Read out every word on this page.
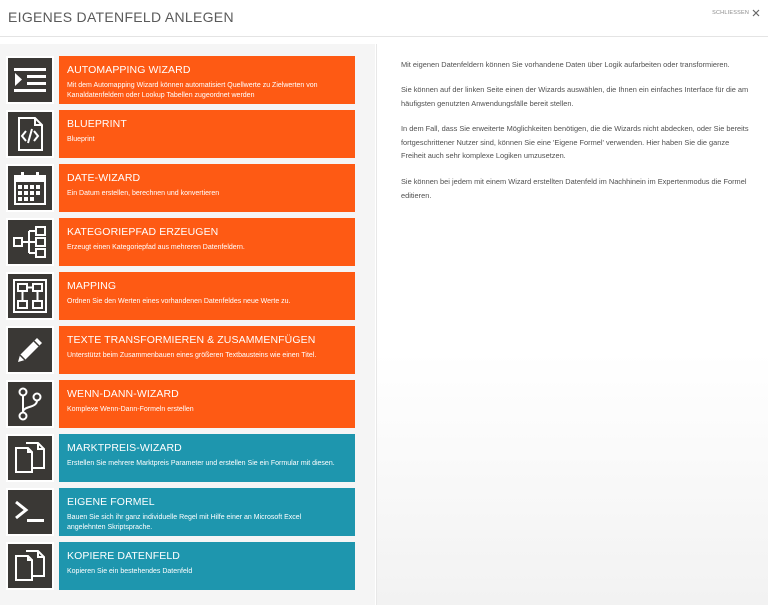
EIGENES DATENFELD ANLEGEN	SCHLIESSEN
AUTOMAPPING WIZARD
Mit dem Automapping Wizard können automatisiert Quellwerte zu Zielwerten von Kanaldatenfeldern oder Lookup Tabellen zugeordnet werden
BLUEPRINT
Blueprint
DATE-WIZARD
Ein Datum erstellen, berechnen und konvertieren
KATEGORIEPFAD ERZEUGEN
Erzeugt einen Kategoriepfad aus mehreren Datenfeldern.
MAPPING
Ordnen Sie den Werten eines vorhandenen Datenfeldes neue Werte zu.
TEXTE TRANSFORMIEREN & ZUSAMMENFÜGEN
Unterstützt beim Zusammenbauen eines größeren Textbausteins wie einen Titel.
WENN-DANN-WIZARD
Komplexe Wenn-Dann-Formeln erstellen
MARKTPREIS-WIZARD
Erstellen Sie mehrere Marktpreis Parameter und erstellen Sie ein Formular mit diesen.
EIGENE FORMEL
Bauen Sie sich ihr ganz individuelle Regel mit Hilfe einer an Microsoft Excel angelehnten Skriptsprache.
KOPIERE DATENFELD
Kopieren Sie ein bestehendes Datenfeld

Mit eigenen Datenfeldern können Sie vorhandene Daten über Logik aufarbeiten oder transformieren.

Sie können auf der linken Seite einen der Wizards auswählen, die Ihnen ein einfaches Interface für die am häufigsten genutzten Anwendungsfälle bereit stellen.

In dem Fall, dass Sie erweiterte Möglichkeiten benötigen, die die Wizards nicht abdecken, oder Sie bereits fortgeschrittener Nutzer sind, können Sie eine 'Eigene Formel' verwenden. Hier haben Sie die ganze Freiheit auch sehr komplexe Logiken umzusetzen.

Sie können bei jedem mit einem Wizard erstellten Datenfeld im Nachhinein im Expertenmodus die Formel editieren.
